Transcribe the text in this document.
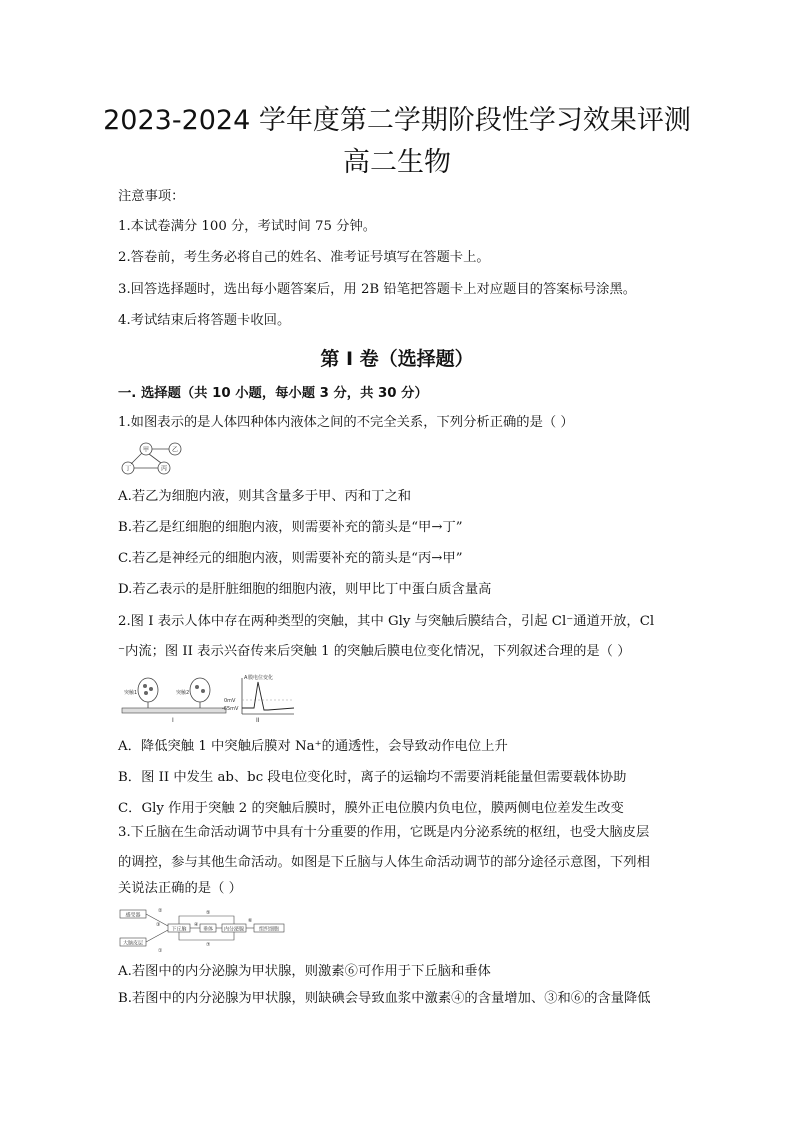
2023-2024 学年度第二学期阶段性学习效果评测
高二生物
注意事项：
1.本试卷满分 100 分，考试时间 75 分钟。
2.答卷前，考生务必将自己的姓名、准考证号填写在答题卡上。
3.回答选择题时，选出每小题答案后，用 2B 铅笔把答题卡上对应题目的答案标号涂黑。
4.考试结束后将答题卡收回。
第 I 卷（选择题）
一. 选择题（共 10 小题，每小题 3 分，共 30 分）
1.如图表示的是人体四种体内液体之间的不完全关系，下列分析正确的是（ ）
甲	乙
丁	丙
A.若乙为细胞内液，则其含量多于甲、丙和丁之和
B.若乙是红细胞的细胞内液，则需要补充的箭头是“甲→丁”
C.若乙是神经元的细胞内液，则需要补充的箭头是“丙→甲”
D.若乙表示的是肝脏细胞的细胞内液，则甲比丁中蛋白质含量高
2.图 I 表示人体中存在两种类型的突触，其中 Gly 与突触后膜结合，引起 Cl⁻通道开放，Cl
⁻内流；图 II 表示兴奋传来后突触 1 的突触后膜电位变化情况，下列叙述合理的是（ ）
突触1	突触2
I
A 膜电位变化
0mV
-65mV
II
A．降低突触 1 中突触后膜对 Na⁺的通透性，会导致动作电位上升
B．图 II 中发生 ab、bc 段电位变化时，离子的运输均不需要消耗能量但需要载体协助
C．Gly 作用于突触 2 的突触后膜时，膜外正电位膜内负电位，膜两侧电位差发生改变
3.下丘脑在生命活动调节中具有十分重要的作用，它既是内分泌系统的枢纽，也受大脑皮层
的调控，参与其他生命活动。如图是下丘脑与人体生命活动调节的部分途径示意图，下列相
关说法正确的是（ ）
感受器
下丘脑	垂体 内分泌腺	组织细胞
大脑皮层
②
③	④
⑤
⑥
⑦
①
A.若图中的内分泌腺为甲状腺，则激素⑥可作用于下丘脑和垂体
B.若图中的内分泌腺为甲状腺，则缺碘会导致血浆中激素④的含量增加、③和⑥的含量降低
